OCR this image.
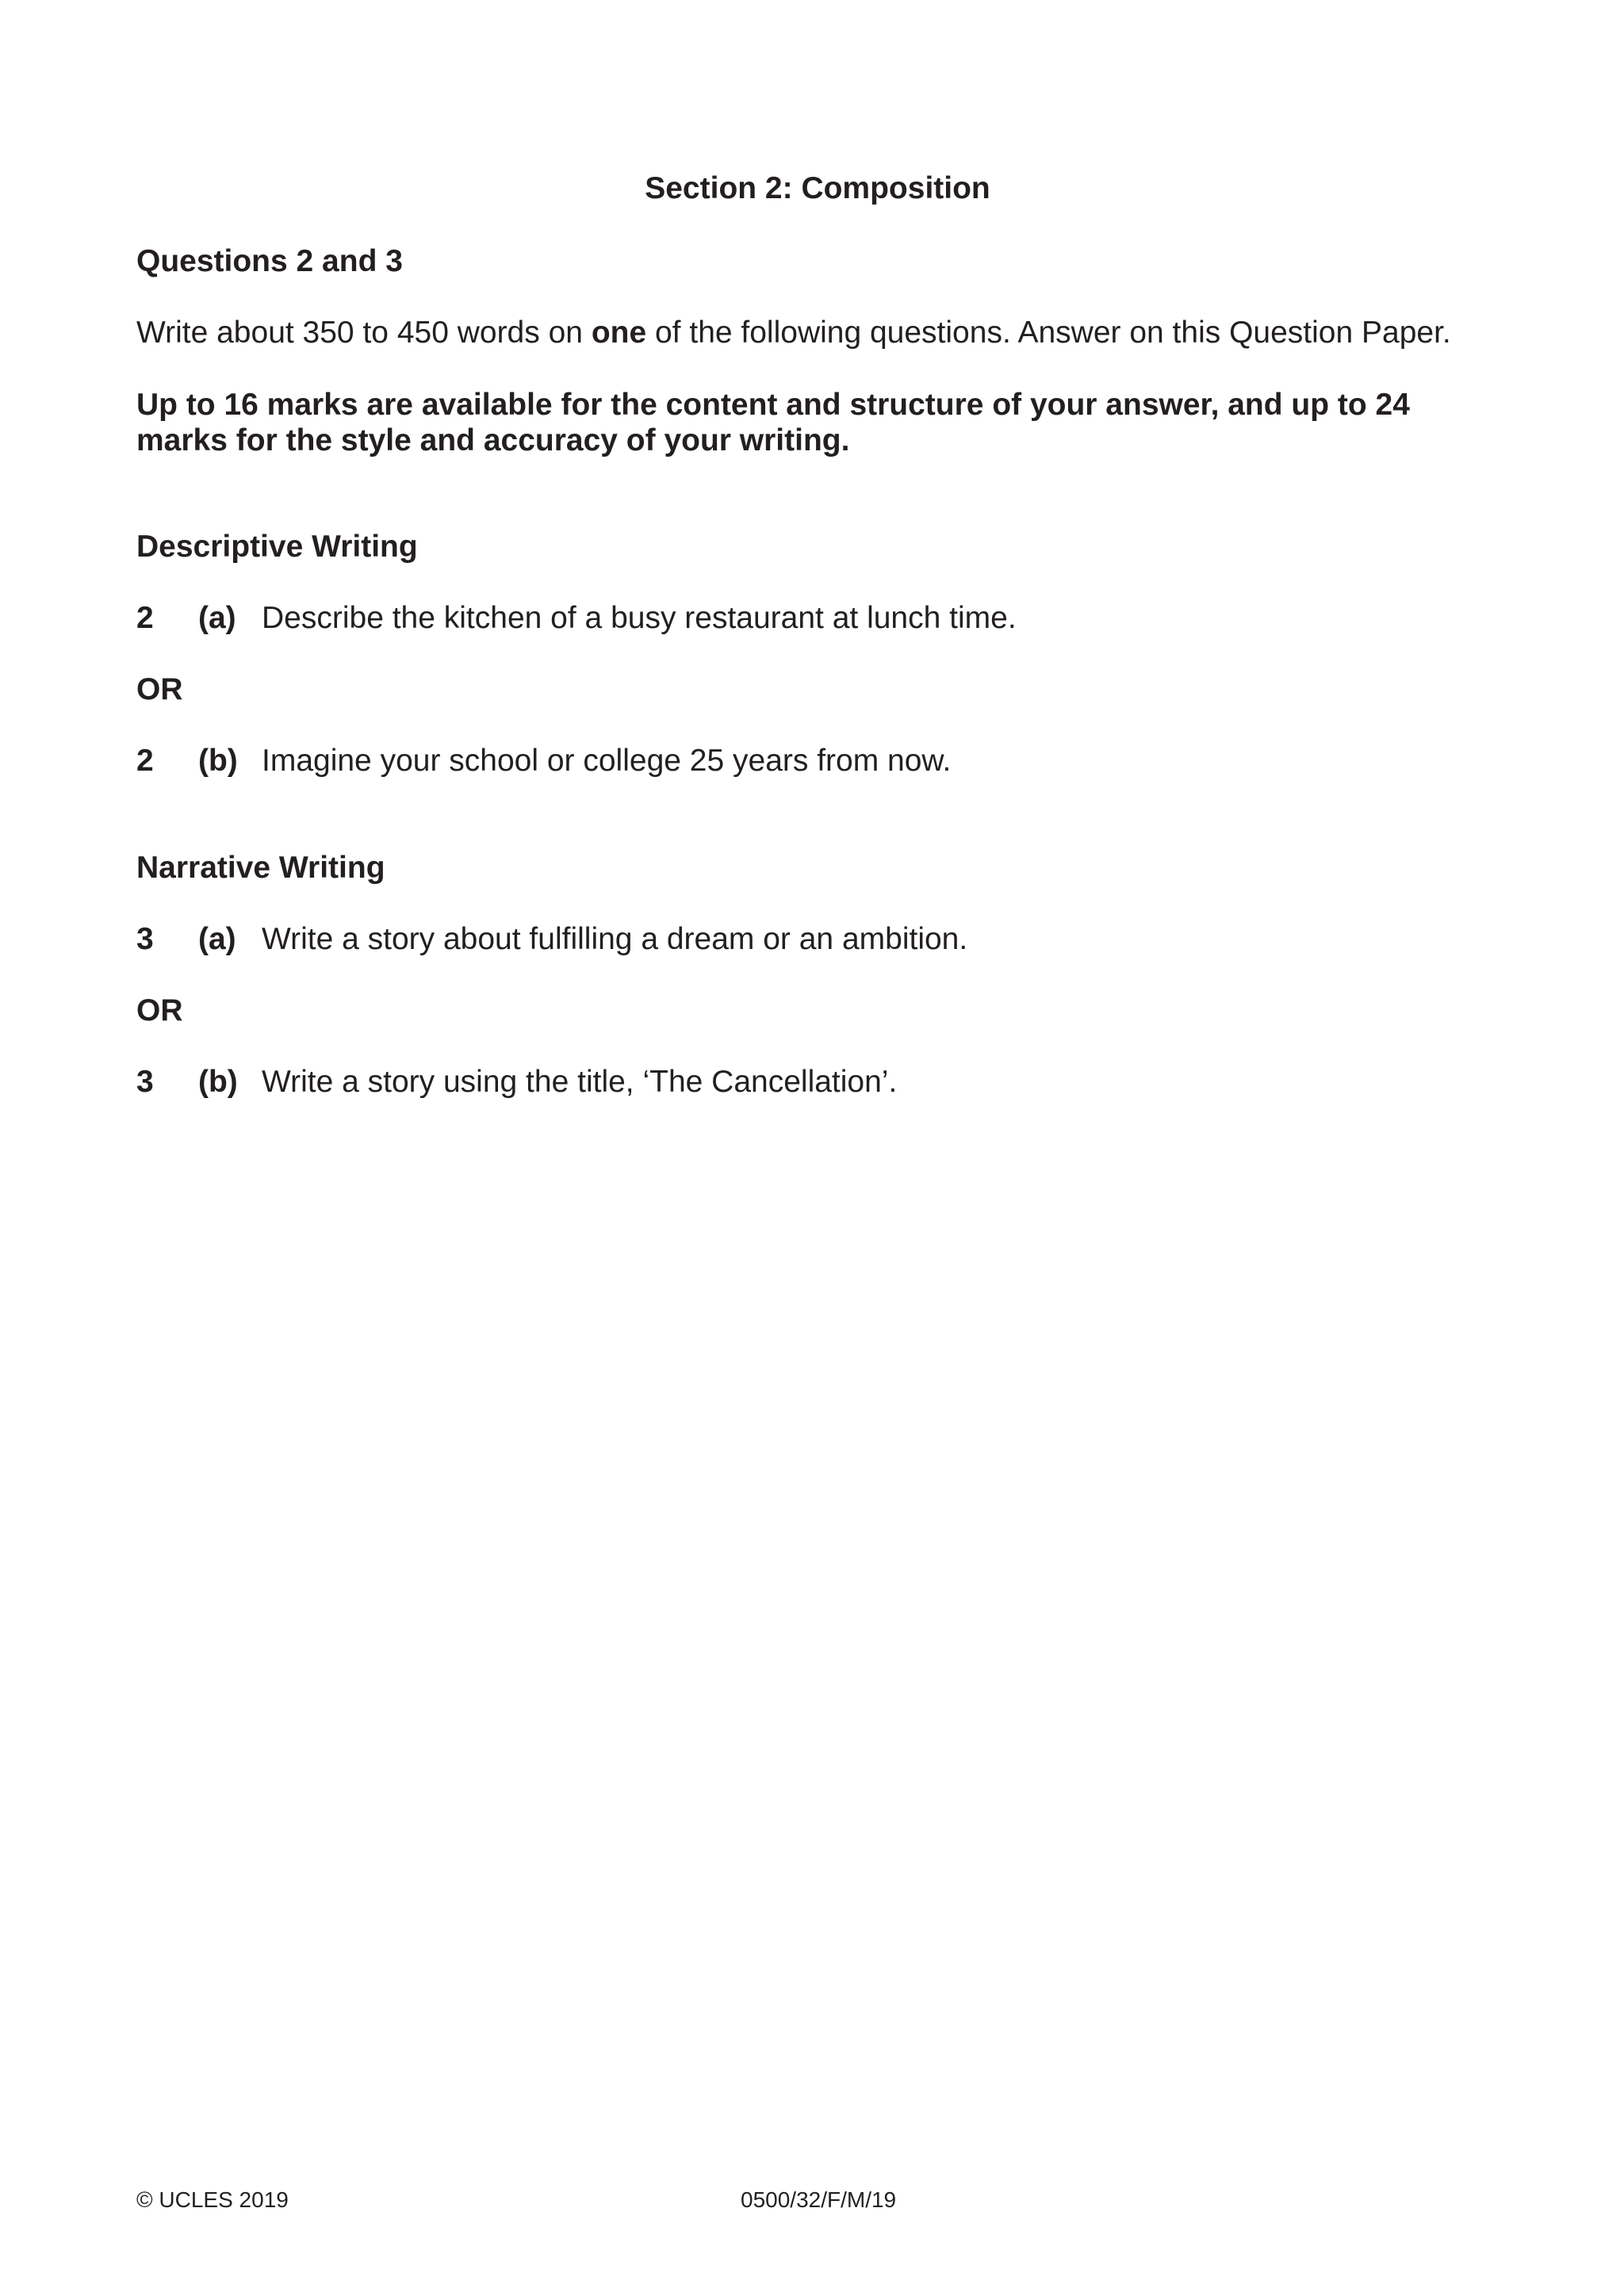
Section 2: Composition
Questions 2 and 3
Write about 350 to 450 words on one of the following questions. Answer on this Question Paper.
Up to 16 marks are available for the content and structure of your answer, and up to 24 marks for the style and accuracy of your writing.
Descriptive Writing
2	(a) Describe the kitchen of a busy restaurant at lunch time.
OR
2	(b) Imagine your school or college 25 years from now.
Narrative Writing
3	(a) Write a story about fulfilling a dream or an ambition.
OR
3	(b) Write a story using the title, ‘The Cancellation’.
© UCLES 2019	0500/32/F/M/19
